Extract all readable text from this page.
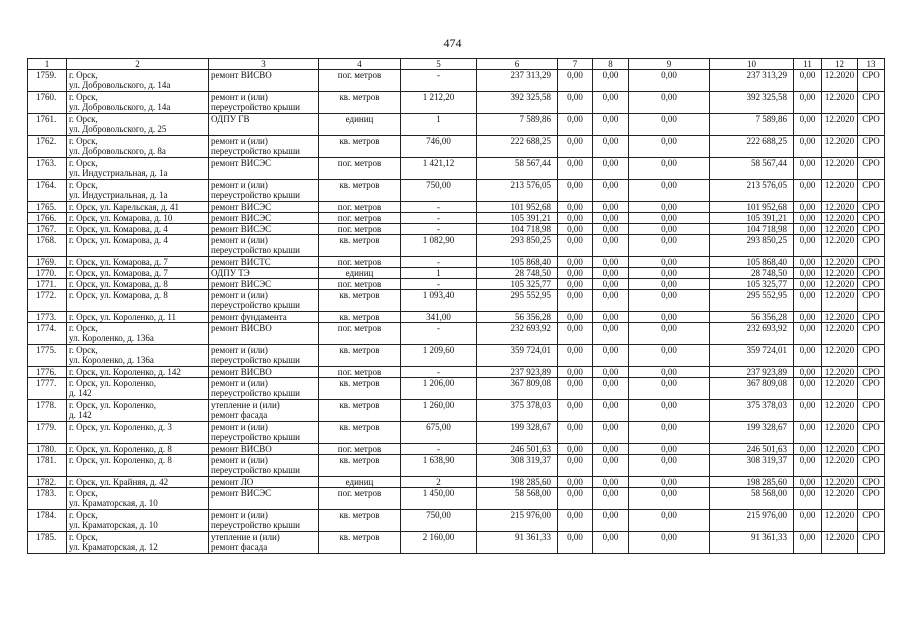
474
1	2	3	4	5	6	7	8	9	10	11	12	13
1759.	г. Орск,
ул. Добровольского, д. 14а	ремонт ВИСВО	пог. метров	-	237 313,29	0,00	0,00	0,00	237 313,29	0,00	12.2020	СРО
1760.	г. Орск,
ул. Добровольского, д. 14а	ремонт и (или)
переустройство крыши	кв. метров	1 212,20	392 325,58	0,00	0,00	0,00	392 325,58	0,00	12.2020	СРО
1761.	г. Орск,
ул. Добровольского, д. 25	ОДПУ ГВ	единиц	1	7 589,86	0,00	0,00	0,00	7 589,86	0,00	12.2020	СРО
1762.	г. Орск,
ул. Добровольского, д. 8а	ремонт и (или)
переустройство крыши	кв. метров	746,00	222 688,25	0,00	0,00	0,00	222 688,25	0,00	12.2020	СРО
1763.	г. Орск,
ул. Индустриальная, д. 1а	ремонт ВИСЭС	пог. метров	1 421,12	58 567,44	0,00	0,00	0,00	58 567,44	0,00	12.2020	СРО
1764.	г. Орск,
ул. Индустриальная, д. 1а	ремонт и (или)
переустройство крыши	кв. метров	750,00	213 576,05	0,00	0,00	0,00	213 576,05	0,00	12.2020	СРО
1765.	г. Орск, ул. Карельская, д. 41	ремонт ВИСЭС	пог. метров	-	101 952,68	0,00	0,00	0,00	101 952,68	0,00	12.2020	СРО
1766.	г. Орск, ул. Комарова, д. 10	ремонт ВИСЭС	пог. метров	-	105 391,21	0,00	0,00	0,00	105 391,21	0,00	12.2020	СРО
1767.	г. Орск, ул. Комарова, д. 4	ремонт ВИСЭС	пог. метров	-	104 718,98	0,00	0,00	0,00	104 718,98	0,00	12.2020	СРО
1768.	г. Орск, ул. Комарова, д. 4	ремонт и (или)
переустройство крыши	кв. метров	1 082,90	293 850,25	0,00	0,00	0,00	293 850,25	0,00	12.2020	СРО
1769.	г. Орск, ул. Комарова, д. 7	ремонт ВИСТС	пог. метров	-	105 868,40	0,00	0,00	0,00	105 868,40	0,00	12.2020	СРО
1770.	г. Орск, ул. Комарова, д. 7	ОДПУ ТЭ	единиц	1	28 748,50	0,00	0,00	0,00	28 748,50	0,00	12.2020	СРО
1771.	г. Орск, ул. Комарова, д. 8	ремонт ВИСЭС	пог. метров	-	105 325,77	0,00	0,00	0,00	105 325,77	0,00	12.2020	СРО
1772.	г. Орск, ул. Комарова, д. 8	ремонт и (или)
переустройство крыши	кв. метров	1 093,40	295 552,95	0,00	0,00	0,00	295 552,95	0,00	12.2020	СРО
1773.	г. Орск, ул. Короленко, д. 11	ремонт фундамента	кв. метров	341,00	56 356,28	0,00	0,00	0,00	56 356,28	0,00	12.2020	СРО
1774.	г. Орск,
ул. Короленко, д. 136а	ремонт ВИСВО	пог. метров	-	232 693,92	0,00	0,00	0,00	232 693,92	0,00	12.2020	СРО
1775.	г. Орск,
ул. Короленко, д. 136а	ремонт и (или)
переустройство крыши	кв. метров	1 209,60	359 724,01	0,00	0,00	0,00	359 724,01	0,00	12.2020	СРО
1776.	г. Орск, ул. Короленко, д. 142	ремонт ВИСВО	пог. метров	-	237 923,89	0,00	0,00	0,00	237 923,89	0,00	12.2020	СРО
1777.	г. Орск, ул. Короленко,
д. 142	ремонт и (или)
переустройство крыши	кв. метров	1 206,00	367 809,08	0,00	0,00	0,00	367 809,08	0,00	12.2020	СРО
1778.	г. Орск, ул. Короленко,
д. 142	утепление и (или)
ремонт фасада	кв. метров	1 260,00	375 378,03	0,00	0,00	0,00	375 378,03	0,00	12.2020	СРО
1779.	г. Орск, ул. Короленко, д. 3	ремонт и (или)
переустройство крыши	кв. метров	675,00	199 328,67	0,00	0,00	0,00	199 328,67	0,00	12.2020	СРО
1780.	г. Орск, ул. Короленко, д. 8	ремонт ВИСВО	пог. метров	-	246 501,63	0,00	0,00	0,00	246 501,63	0,00	12.2020	СРО
1781.	г. Орск, ул. Короленко, д. 8	ремонт и (или)
переустройство крыши	кв. метров	1 638,90	308 319,37	0,00	0,00	0,00	308 319,37	0,00	12.2020	СРО
1782.	г. Орск, ул. Крайняя, д. 42	ремонт ЛО	единиц	2	198 285,60	0,00	0,00	0,00	198 285,60	0,00	12.2020	СРО
1783.	г. Орск,
ул. Краматорская, д. 10	ремонт ВИСЭС	пог. метров	1 450,00	58 568,00	0,00	0,00	0,00	58 568,00	0,00	12.2020	СРО
1784.	г. Орск,
ул. Краматорская, д. 10	ремонт и (или)
переустройство крыши	кв. метров	750,00	215 976,00	0,00	0,00	0,00	215 976,00	0,00	12.2020	СРО
1785.	г. Орск,
ул. Краматорская, д. 12	утепление и (или)
ремонт фасада	кв. метров	2 160,00	91 361,33	0,00	0,00	0,00	91 361,33	0,00	12.2020	СРО
